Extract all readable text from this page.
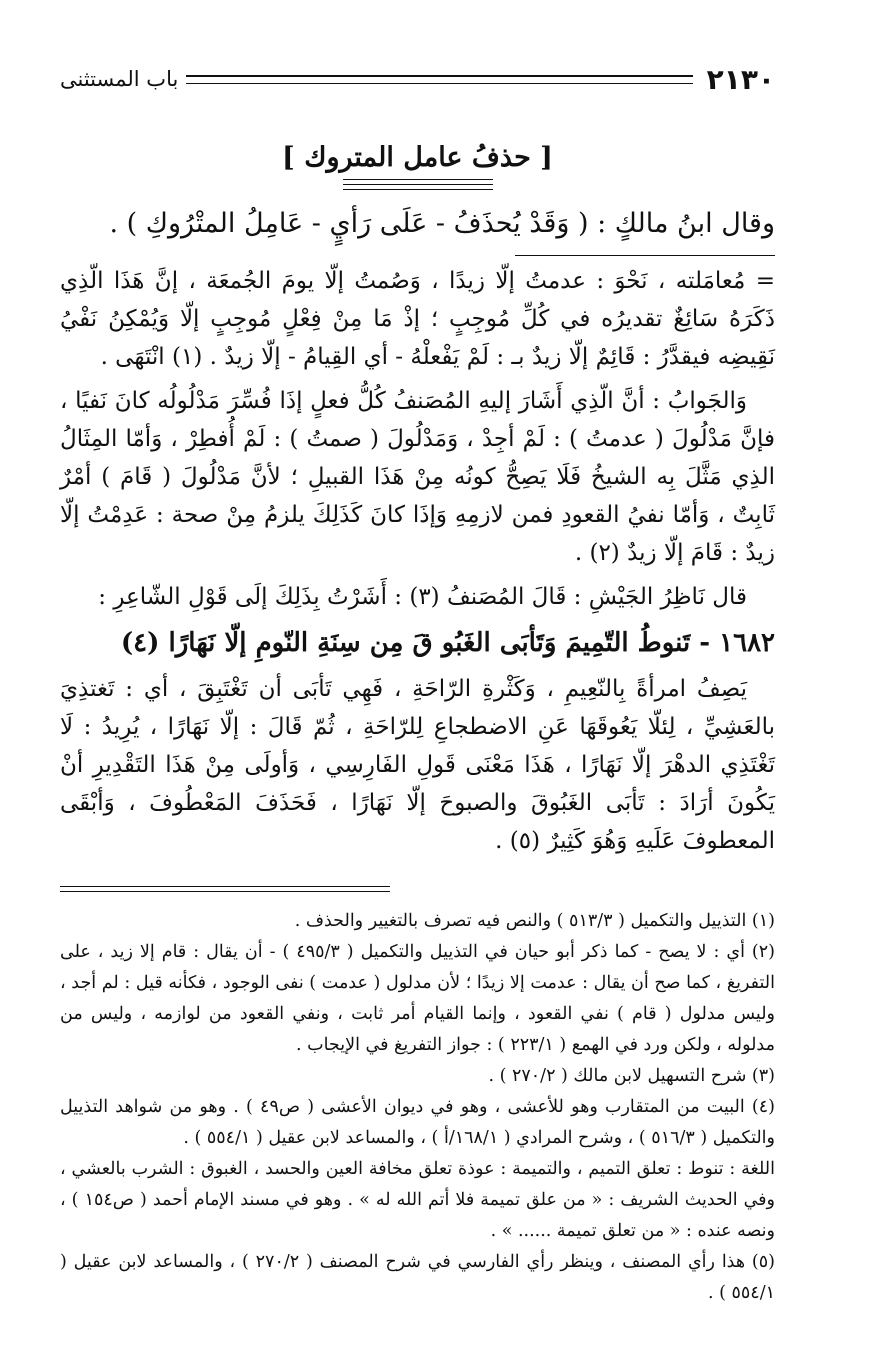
٢١٣٠
باب المستثنى
[ حذفُ عامل المتروك ]
وقال ابنُ مالكٍ : ( وَقَدْ يُحذَفُ - عَلَى رَأيٍ - عَامِلُ المتْرُوكِ ) .

= مُعامَلته ، نَحْوَ : عدمتُ إلّا زيدًا ، وَصُمتُ إلّا يومَ الجُمعَة ، إنَّ هَذَا الّذِي ذَكَرَهُ سَائِغٌ تقديرُه في كُلِّ مُوجِبٍ ؛ إذْ مَا مِنْ فِعْلٍ مُوجِبٍ إلّا وَيُمْكِنُ نَفْيُ نَقِيضِه فيقدَّرُ : قَائِمٌ إلّا زيدٌ بـ : لَمْ يَفْعلْهُ - أي القِيامُ - إلّا زيدٌ . (١) انْتَهَى .

وَالجَوابُ : أنَّ الّذِي أَشَارَ إليهِ المُصَنفُ كُلُّ فعلٍ إذَا فُسِّرَ مَدْلُولُه كانَ نَفيًا ، فإنَّ مَدْلُولَ ( عدمتُ ) : لَمْ أجِدْ ، وَمَدْلُولَ ( صمتُ ) : لَمْ أُفطِرْ ، وَأمّا المِثَالُ الذِي مَثَّلَ بِه الشيخُ فَلَا يَصِحُّ كونُه مِنْ هَذَا القبيلِ ؛ لأنَّ مَدْلُولَ ( قَامَ ) أمْرٌ ثَابِتٌ ، وَأمّا نفيُ القعودِ فمن لازمِهِ وَإذَا كانَ كَذَلِكَ يلزمُ مِنْ صحة : عَدِمْتُ إلّا زيدٌ : قَامَ إلّا زيدٌ (٢) .

قال نَاظِرُ الجَيْشِ : قَالَ المُصَنفُ (٣) : أَشَرْتُ بِذَلِكَ إلَى قَوْلِ الشّاعِرِ :

١٦٨٢ - تَنوطُ التّمِيمَ وَتَأبَى الغَبُو قَ مِن سِنَةِ النّومِ إلّا نَهَارًا (٤)

يَصِفُ امرأةً بِالنّعِيمِ ، وَكَثْرةِ الرّاحَةِ ، فَهِي تَأبَى أن تَغْتَبِقَ ، أي : تَغتذِيَ بالعَشِيِّ ، لِئلّا يَعُوقَهَا عَنِ الاضطجاعِ لِلرّاحَةِ ، ثُمّ قَالَ : إلّا نَهَارًا ، يُرِيدُ : لَا تَغْتَذِي الدهْرَ إلّا نَهَارًا ، هَذَا مَعْنَى قَولِ الفَارِسِي ، وَأولَى مِنْ هَذَا التَقْدِيرِ أنْ يَكُونَ أرَادَ : تَأبَى الغَبُوقَ والصبوحَ إلّا نَهَارًا ، فَحَذَفَ المَعْطُوفَ ، وَأبْقَى المعطوفَ عَلَيهِ وَهُوَ كَثِيرٌ (٥) .

(١) التذييل والتكميل ( ٥١٣/٣ ) والنص فيه تصرف بالتغيير والحذف .

(٢) أي : لا يصح - كما ذكر أبو حيان في التذييل والتكميل ( ٤٩٥/٣ ) - أن يقال : قام إلا زيد ، على التفريغ ، كما صح أن يقال : عدمت إلا زيدًا ؛ لأن مدلول ( عدمت ) نفى الوجود ، فكأنه قيل : لم أجد ، وليس مدلول ( قام ) نفي القعود ، وإنما القيام أمر ثابت ، ونفي القعود من لوازمه ، وليس من مدلوله ، ولكن ورد في الهمع ( ٢٢٣/١ ) : جواز التفريغ في الإيجاب .

(٣) شرح التسهيل لابن مالك ( ٢٧٠/٢ ) .

(٤) البيت من المتقارب وهو للأعشى ، وهو في ديوان الأعشى ( ص٤٩ ) . وهو من شواهد التذييل والتكميل ( ٥١٦/٣ ) ، وشرح المرادي ( ١٦٨/١/أ ) ، والمساعد لابن عقيل ( ٥٥٤/١ ) .

اللغة : تنوط : تعلق التميم ، والتميمة : عوذة تعلق مخافة العين والحسد ، الغبوق : الشرب بالعشي ، وفي الحديث الشريف : « من علق تميمة فلا أتم الله له » . وهو في مسند الإمام أحمد ( ص١٥٤ ) ، ونصه عنده : « من تعلق تميمة ...... » .

(٥) هذا رأي المصنف ، وينظر رأي الفارسي في شرح المصنف ( ٢٧٠/٢ ) ، والمساعد لابن عقيل ( ٥٥٤/١ ) .
